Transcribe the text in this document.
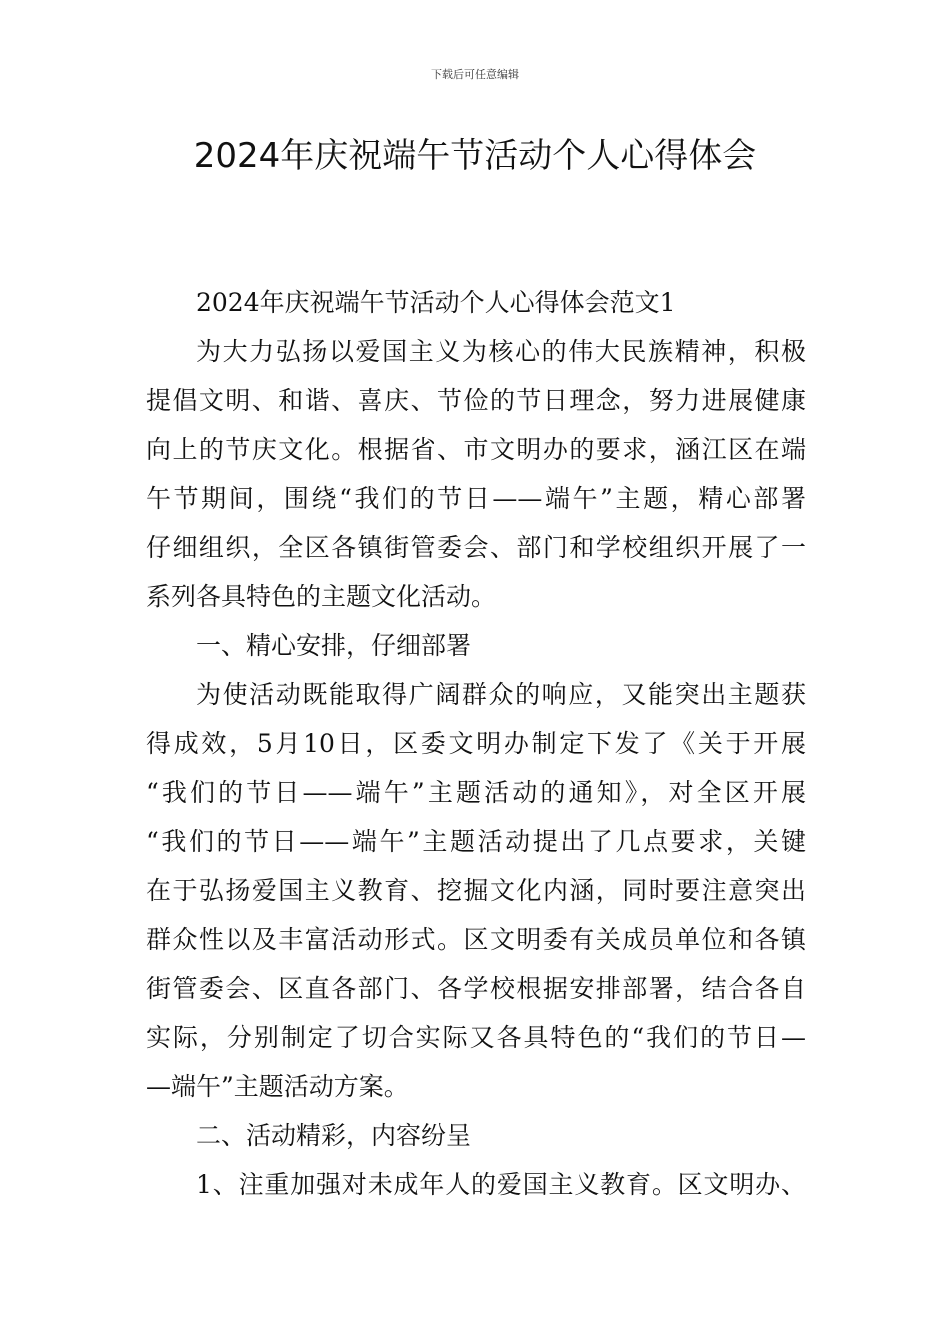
下载后可任意编辑
2024年庆祝端午节活动个人心得体会
2024年庆祝端午节活动个人心得体会范文1
为大力弘扬以爱国主义为核心的伟大民族精神，积极
提倡文明、和谐、喜庆、节俭的节日理念，努力进展健康
向上的节庆文化。根据省、市文明办的要求，涵江区在端
午节期间，围绕“我们的节日——端午”主题，精心部署
仔细组织，全区各镇街管委会、部门和学校组织开展了一
系列各具特色的主题文化活动。
一、精心安排，仔细部署
为使活动既能取得广阔群众的响应，又能突出主题获
得成效，5月10日，区委文明办制定下发了《关于开展
“我们的节日——端午”主题活动的通知》，对全区开展
“我们的节日——端午”主题活动提出了几点要求，关键
在于弘扬爱国主义教育、挖掘文化内涵，同时要注意突出
群众性以及丰富活动形式。区文明委有关成员单位和各镇
街管委会、区直各部门、各学校根据安排部署，结合各自
实际，分别制定了切合实际又各具特色的“我们的节日—
—端午”主题活动方案。
二、活动精彩，内容纷呈
1、注重加强对未成年人的爱国主义教育。区文明办、
